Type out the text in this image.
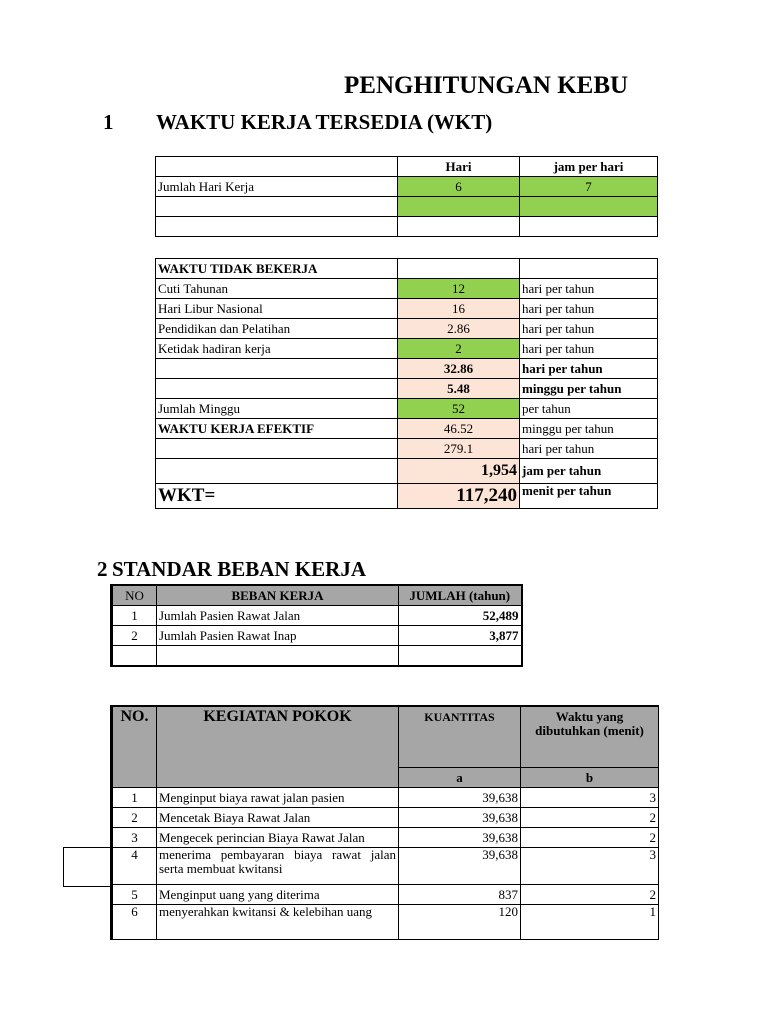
PENGHITUNGAN KEBU
1 WAKTU KERJA TERSEDIA (WKT)
	Hari	jam per hari
Jumlah Hari Kerja	6	7

WAKTU TIDAK BEKERJA		
Cuti Tahunan	12	hari per tahun
Hari Libur Nasional	16	hari per tahun
Pendidikan dan Pelatihan	2.86	hari per tahun
Ketidak hadiran kerja	2	hari per tahun
	32.86	hari per tahun
	5.48	minggu per tahun
Jumlah Minggu	52	per tahun
WAKTU KERJA EFEKTIF	46.52	minggu per tahun
	279.1	hari per tahun
	1,954	jam per tahun
WKT=	117,240	menit per tahun
2 STANDAR BEBAN KERJA
NO	BEBAN KERJA	JUMLAH (tahun)
1	Jumlah Pasien Rawat Jalan	52,489
2	Jumlah Pasien Rawat Inap	3,877

NO.	KEGIATAN POKOK	KUANTITAS	Waktu yang dibutuhkan (menit)
		a	b
1	Menginput biaya rawat jalan pasien	39,638	3
2	Mencetak Biaya Rawat Jalan	39,638	2
3	Mengecek perincian Biaya Rawat Jalan	39,638	2
4	menerima pembayaran biaya rawat jalan serta membuat kwitansi	39,638	3
5	Menginput uang yang diterima	837	2
6	menyerahkan kwitansi & kelebihan uang	120	1
